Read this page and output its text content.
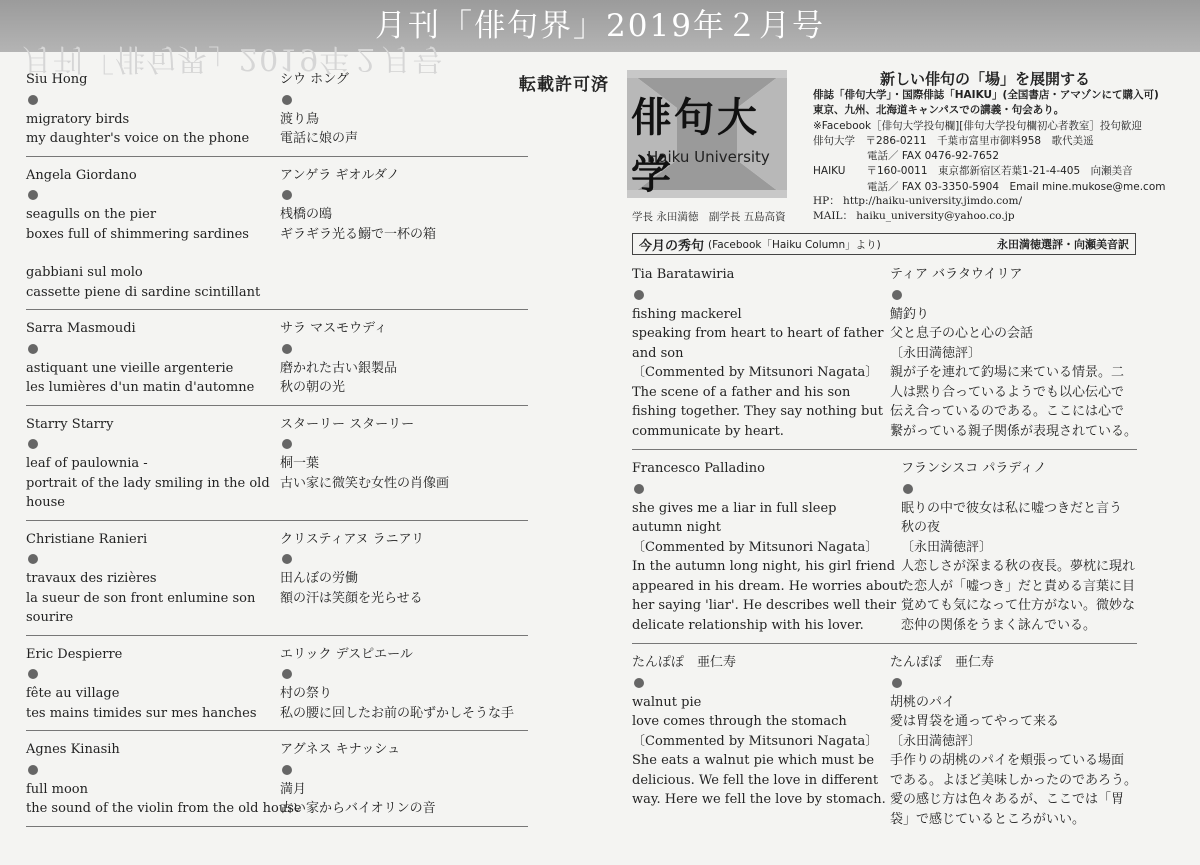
月刊「俳句界」2019年２月号
月刊「俳句界」2019年２月号
Siu Hong
migratory birds
my daughter's voice on the phone
シウ ホング
渡り鳥
電話に娘の声
Angela Giordano
seagulls on the pier
boxes full of shimmering sardines
アンゲラ ギオルダノ
桟橋の鴎
ギラギラ光る鰯で一杯の箱
gabbiani sul molo
cassette piene di sardine scintillant
Sarra Masmoudi
astiquant une vieille argenterie
les lumières d'un matin d'automne
サラ マスモウディ
磨かれた古い銀製品
秋の朝の光
Starry Starry
leaf of paulownia -
portrait of the lady smiling in the old
house
スターリー スターリー
桐一葉
古い家に微笑む女性の肖像画
Christiane Ranieri
travaux des rizières
la sueur de son front enlumine son
sourire
クリスティアヌ ラニアリ
田んぼの労働
額の汗は笑顔を光らせる
Eric Despierre
fête au village
tes mains timides sur mes hanches
エリック デスピエール
村の祭り
私の腰に回したお前の恥ずかしそうな手
Agnes Kinasih
full moon
the sound of the violin from the old house
アグネス キナッシュ
満月
古い家からバイオリンの音
転載許可済
俳句大学
Haiku University
新しい俳句の「場」を展開する
俳誌「俳句大学」・国際俳誌「HAIKU」(全国書店・アマゾンにて購入可)
東京、九州、北海道キャンパスでの講義・句会あり。
※Facebook［俳句大学投句欄][俳句大学投句欄初心者教室］投句歓迎
俳句大学　〒286-0211　千葉市富里市御料958　歌代美遥
電話／ FAX 0476-92-7652
HAIKU　　〒160-0011　東京都新宿区若葉1-21-4-405　向瀬美音
電話／ FAX 03-3350-5904　Email mine.mukose@me.com
HP： http://haiku-university.jimdo.com/
MAIL： haiku_university@yahoo.co.jp
学長 永田満徳　副学長 五島高資
今月の秀句 (Facebook「Haiku Column」より)	永田満徳選評・向瀬美音訳
Tia Baratawiria
fishing mackerel
speaking from heart to heart of father
and son
〔Commented by Mitsunori Nagata〕
The scene of a father and his son
fishing together. They say nothing but
communicate by heart.
ティア バラタウイリア
鯖釣り
父と息子の心と心の会話
〔永田満徳評〕
親が子を連れて釣場に来ている情景。二
人は黙り合っているようでも以心伝心で
伝え合っているのである。ここには心で
繋がっている親子関係が表現されている。
Francesco Palladino
she gives me a liar in full sleep
autumn night
〔Commented by Mitsunori Nagata〕
In the autumn long night, his girl friend
appeared in his dream. He worries about
her saying 'liar'. He describes well their
delicate relationship with his lover.
フランシスコ パラディノ
眠りの中で彼女は私に嘘つきだと言う
秋の夜
〔永田満徳評〕
人恋しさが深まる秋の夜長。夢枕に現れ
た恋人が「嘘つき」だと責める言葉に目
覚めても気になって仕方がない。微妙な
恋仲の関係をうまく詠んでいる。
たんぽぽ　亜仁寿
walnut pie
love comes through the stomach
〔Commented by Mitsunori Nagata〕
She eats a walnut pie which must be
delicious. We fell the love in different
way. Here we fell the love by stomach.
たんぽぽ　亜仁寿
胡桃のパイ
愛は胃袋を通ってやって来る
〔永田満徳評〕
手作りの胡桃のパイを頬張っている場面
である。よほど美味しかったのであろう。
愛の感じ方は色々あるが、ここでは「胃
袋」で感じているところがいい。
